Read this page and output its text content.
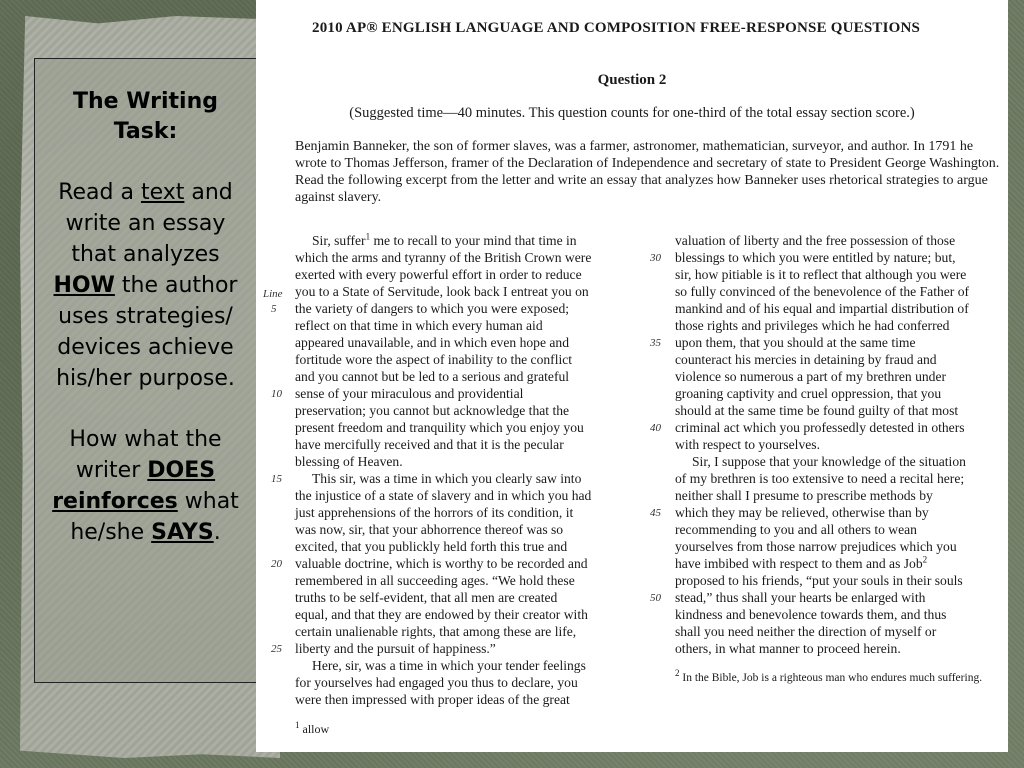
The Writing Task:
Read a text and write an essay that analyzes HOW the author uses strategies/ devices achieve his/her purpose.
How what the writer DOES reinforces what he/she SAYS.
2010 AP® ENGLISH LANGUAGE AND COMPOSITION FREE-RESPONSE QUESTIONS
Question 2
(Suggested time—40 minutes. This question counts for one-third of the total essay section score.)
Benjamin Banneker, the son of former slaves, was a farmer, astronomer, mathematician, surveyor, and author. In 1791 he wrote to Thomas Jefferson, framer of the Declaration of Independence and secretary of state to President George Washington. Read the following excerpt from the letter and write an essay that analyzes how Banneker uses rhetorical strategies to argue against slavery.
Line
Sir, suffer$^1$ me to recall to your mind that time in
which the arms and tyranny of the British Crown were
exerted with every powerful effort in order to reduce
you to a State of Servitude, look back I entreat you on
the variety of dangers to which you were exposed;
5
reflect on that time in which every human aid
appeared unavailable, and in which even hope and
fortitude wore the aspect of inability to the conflict
and you cannot but be led to a serious and grateful
sense of your miraculous and providential
10
preservation; you cannot but acknowledge that the
present freedom and tranquility which you enjoy you
have mercifully received and that it is the pecular
blessing of Heaven.
This sir, was a time in which you clearly saw into
15
the injustice of a state of slavery and in which you had
just apprehensions of the horrors of its condition, it
was now, sir, that your abhorrence thereof was so
excited, that you publickly held forth this true and
valuable doctrine, which is worthy to be recorded and
20
remembered in all succeeding ages. “We hold these
truths to be self-evident, that all men are created
equal, and that they are endowed by their creator with
certain unalienable rights, that among these are life,
liberty and the pursuit of happiness.”
25
Here, sir, was a time in which your tender feelings
for yourselves had engaged you thus to declare, you
were then impressed with proper ideas of the great
valuation of liberty and the free possession of those
blessings to which you were entitled by nature; but,
30
sir, how pitiable is it to reflect that although you were
so fully convinced of the benevolence of the Father of
mankind and of his equal and impartial distribution of
those rights and privileges which he had conferred
upon them, that you should at the same time
35
counteract his mercies in detaining by fraud and
violence so numerous a part of my brethren under
groaning captivity and cruel oppression, that you
should at the same time be found guilty of that most
criminal act which you professedly detested in others
40
with respect to yourselves.
Sir, I suppose that your knowledge of the situation
of my brethren is too extensive to need a recital here;
neither shall I presume to prescribe methods by
which they may be relieved, otherwise than by
45
recommending to you and all others to wean
yourselves from those narrow prejudices which you
have imbibed with respect to them and as Job$^2$
proposed to his friends, “put your souls in their souls
stead,” thus shall your hearts be enlarged with
50
kindness and benevolence towards them, and thus
shall you need neither the direction of myself or
others, in what manner to proceed herein.
$^1$ allow
$^2$ In the Bible, Job is a righteous man who endures much suffering.
